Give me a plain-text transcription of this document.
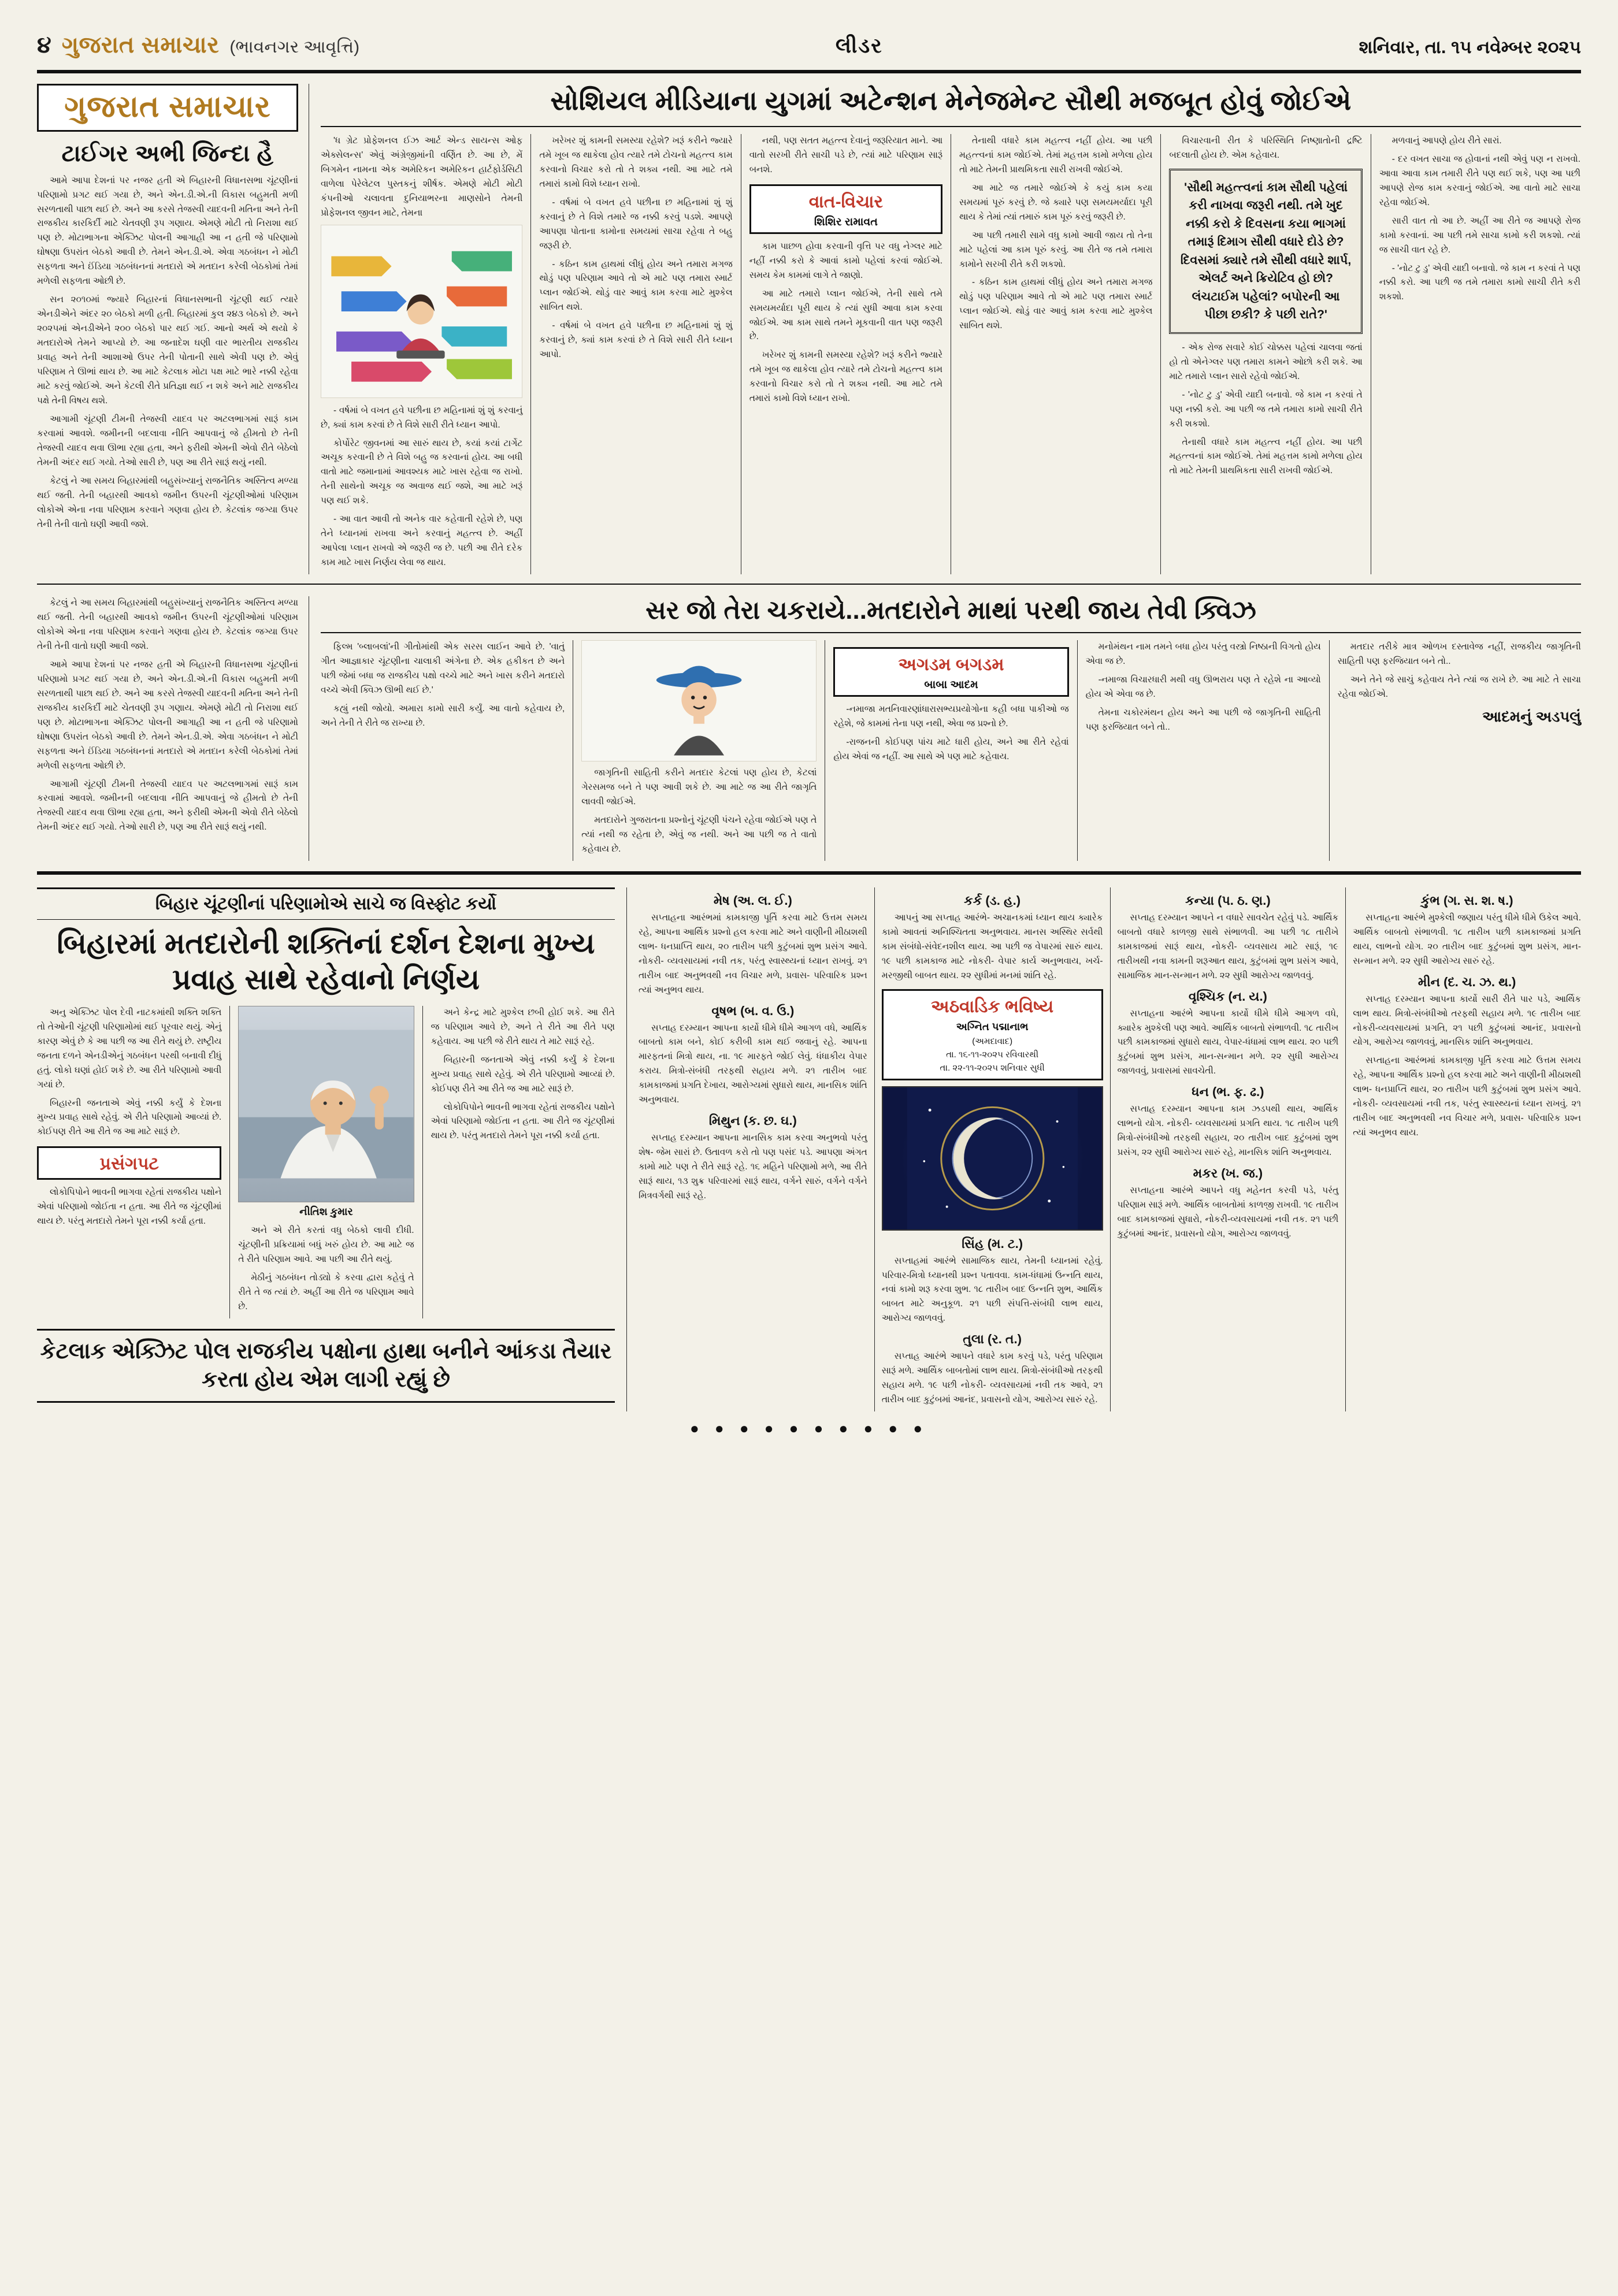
૪ ગુજરાત સમાચાર (ભાવનગર આવૃત્તિ)	લીડર	શનિવાર, તા. ૧૫ નવેમ્બર ૨૦૨૫
ગુજરાત સમાચાર
ટાઈગર અભી જિન્દા હૈ

આમે આપા દેશનાં પર નજર હતી એ બિહારની વિધાનસભા ચૂંટણીનાં પરિણામો પ્રગટ થઈ ગયા છે, અને એન.ડી.એ.ની વિકાસ બહુમતી મળી સરળતાથી પાછા થઈ છે. અને આ કરસે તેજસ્વી યાદવની મતિના અને તેની રાજકીય કારકિર્દી માટે ચેતવણી રૂપ ગણાય. એમણે મોટી તો નિરાશા થઈ પણ છે. મોટાભાગના એક્ઝિટ પોલની આગાહી આ ન હતી જે પરિણામો ઘોષણા ઉપરાંત બેઠકો આવી છે. તેમને એન.ડી.એ. એવા ગઠબંધન ને મોટી સફળતા અને ઈંડિયા ગઠબંધનનાં મતદારો એ મતદાન કરેલી બેઠકોમાં તેમાં મળેલી સફળતા ઓછી છે.

સન ૨૦૧૦માં જ્યારે બિહારનાં વિધાનસભાની ચૂંટણી થઈ ત્યારે એનડીએને અંદર ૨૦ બેઠકો મળી હતી. બિહારમાં કુલ ૨૪૩ બેઠકો છે. અને ૨૦૨૫માં એનડીએને ૨૦૦ બેઠકો પાર થઈ ગઈ. આનો અર્થ એ થયો કે મતદારોએ તેમને આપ્યો છે. આ જનાદેશ ઘણી વાર ભારતીય રાજકીય પ્રવાહ અને તેની આશાઓ ઉપર તેની પોતાની સાથે એવી પણ છે. એવું પરિણામ તે ઊભાં થાય છે. આ માટે કેટલાક મોટા પક્ષ માટે ભારે નક્કી રહેવા માટે કરવું જોઈએ. અને કેટલી રીતે પ્રતિજ્ઞા થઈ ન શકે અને માટે રાજકીય પક્ષે તેની વિષય થશે.

આગામી ચૂંટણી ટીમની તેજસ્વી યાદવ પર અટલભાગમાં સારૂં કામ કરવામાં આવશે. જમીનની બદલાવા નીતિ આપવાનું જે હીમતો છે તેની તેજસ્વી યાદવ થવા ઊભા રહ્યા હતા, અને ફરીથી એમની એવો રીતે બેઠેલો તેમની અંદર થઈ ગયો. તેઓ સારી છે, પણ આ રીતે સારૂં થયું નથી.

કેટલું ને આ સમય બિહારમાંથી બહુસંખ્યાનું રાજનૈતિક અસ્તિત્વ મળ્યા થઈ જતી. તેની બહારથી આવકો જમીન ઉપરની ચૂંટણીઓમાં પરિણામ લોકોએ એના નવા પરિણામ કરવાને ગણવા હોય છે. કેટલાંક જગ્યા ઉપર તેની તેની વાતો ઘણી આવી જશે.

સોશિયલ મીડિયાના યુગમાં અટેન્શન મેનેજમેન્ટ સૌથી મજબૂત હોવું જોઈએ

'ધ ગ્રેટ પ્રોફેશનલ ઈઝ આર્ટ એન્ડ સાયન્સ ઓફ એક્સેલન્સ' એવું અંગ્રેજીમાંની વર્ણિત છે. આ છે, મેં બિગમેન નામના એક અમેરિકન અમેરિકન હાર્ટફોર્ડસિટી વાળેલા પેરેલેટલ પુસ્તકનું શીર્ષક. એમણે મોટી મોટી કંપનીઓ ચલાવતા દુનિયાભરના માણસોને તેમની પ્રોફેશનલ જીવન માટે, તેમના

- વર્ષમાં બે વખત હવે પછીના છ મહિનામાં શું શું કરવાનું છે, ક્યાં કામ કરવાં છે તે વિશે સારી રીતે ધ્યાન આપો.

કોર્પોરેટ જીવનમાં આ સારું થાય છે, કયાં કયાં ટાર્ગેટ અચૂક કરવાની છે તે વિશે બહુ જ કરવાનાં હોય. આ બધી વાતો માટે જમાનામાં આવશ્યક માટે ખાસ રહેવા જ રાખો. તેની સાથેનો અચૂક જ અવાજ થઈ જશે, આ માટે ખરૂં પણ થઈ શકે.

- આ વાત આવી તો અનેક વાર કહેવાતી રહેશે છે, પણ તેને ધ્યાનમાં રાખવા અને કરવાનું મહત્ત્વ છે. અહીં આપેલા પ્લાન રાખવો એ જરૂરી જ છે. પછી આ રીતે દરેક કામ માટે ખાસ નિર્ણય લેવા જ થાય.

ખરેખર શું કામની સમસ્યા રહેશે? ખરૂં કરીને જ્યારે તમે ખૂબ જ થાકેલા હોવ ત્યારે તમે ટોચનો મહત્ત્વ કામ કરવાનો વિચાર કરો તો તે શક્ય નથી. આ માટે તમે તમારાં કામો વિશે ધ્યાન રાખો.

- વર્ષમાં બે વખત હવે પછીના છ મહિનામાં શું શું કરવાનું છે તે વિશે તમારે જ નક્કી કરવું પડશે. આપણે આપણા પોતાના કામોના સમયમાં સાચા રહેવા તે બહુ જરૂરી છે.

- કઠિન કામ હાથમાં લીધું હોય અને તમારા મગજ થોડું પણ પરિણામ આવે તો એ માટે પણ તમારા સ્માર્ટ પ્લાન જોઈએ. થોડું વાર આવું કામ કરવા માટે મુશ્કેલ સાબિત થશે.

- વર્ષમાં બે વખત હવે પછીના છ મહિનામાં શું શું કરવાનું છે, ક્યાં કામ કરવાં છે તે વિશે સારી રીતે ધ્યાન આપો.

નથી, પણ સતત મહત્ત્વ દેવાનું જરૂરિયાત માને. આ વાતો સરખી રીતે સાચી પડે છે, ત્યાં માટે પરિણામ સારૂં બનશે.

વાત-વિચાર
શિશિર રામાવત

કામ પાછળ હોવા કરવાની વૃત્તિ પર વધુ નેગ્લર માટે નહીં નક્કી કરો કે આવાં કામો પહેલાં કરવાં જોઈએ. સમય કેમ કામમાં લાગે તે જાણો.

આ માટે તમારો પ્લાન જોઈએ, તેની સાથે તમે સમયમર્યાદા પૂરી થાય કે ત્યાં સુધી આવા કામ કરવા જોઈએ. આ કામ સાથે તમને મૂકવાની વાત પણ જરૂરી છે.

ખરેખર શું કામની સમસ્યા રહેશે? ખરૂં કરીને જ્યારે તમે ખૂબ જ થાકેલા હોવ ત્યારે તમે ટોચનો મહત્ત્વ કામ કરવાનો વિચાર કરો તો તે શક્ય નથી. આ માટે તમે તમારાં કામો વિશે ધ્યાન રાખો.

તેનાથી વધારે કામ મહત્ત્વ નહીં હોય. આ પછી મહત્ત્વનાં કામ જોઈએ. તેમાં મહત્તમ કામો મળેલા હોય તો માટે તેમની પ્રાથમિકતા સારી રાખવી જોઈએ.

આ માટે જ તમારે જોઈએ કે કયું કામ કયા સમયમાં પૂરું કરવું છે. જે ક્યારે પણ સમયમર્યાદા પૂરી થાય કે તેમાં ત્યાં તમારું કામ પૂરું કરવું જરૂરી છે.

આ પછી તમારી સામે વધુ કામો આવી જાય તો તેના માટે પહેલાં આ કામ પૂરું કરવું. આ રીતે જ તમે તમારા કામોને સરખી રીતે કરી શકશો.

- કઠિન કામ હાથમાં લીધું હોય અને તમારા મગજ થોડું પણ પરિણામ આવે તો એ માટે પણ તમારા સ્માર્ટ પ્લાન જોઈએ. થોડું વાર આવું કામ કરવા માટે મુશ્કેલ સાબિત થશે.

વિચારવાની રીત કે પરિસ્થિતિ નિષ્ણાતોની દ્રષ્ટિ બદલાતી હોય છે. એમ કહેવાય.

'સૌથી મહત્ત્વનાં કામ સૌથી પહેલાં કરી નાખવા જરૂરી નથી. તમે ખુદ નક્કી કરો કે દિવસના કયા ભાગમાં તમારૂં દિમાગ સૌથી વધારે દોડે છે? દિવસમાં ક્યારે તમે સૌથી વધારે શાર્પ, એલર્ટ અને ક્રિયેટિવ હો છો? લંચટાઈમ પહેલાં? બપોરની આ પીછા છકી? કે પછી રાતે?'

- એક રોજ સવારે કોઈ ચોક્કસ પહેલાં ચાલવા જતાં હો તો એનેગ્લર પણ તમારા કામને ઓછો કરી શકે. આ માટે તમારો પ્લાન સારો રહેવો જોઈએ.

- 'નોટ ટુ ડુ' એવી યાદી બનાવો. જે કામ ન કરવાં તે પણ નક્કી કરો. આ પછી જ તમે તમારા કામો સાચી રીતે કરી શકશો.

તેનાથી વધારે કામ મહત્ત્વ નહીં હોય. આ પછી મહત્ત્વનાં કામ જોઈએ. તેમાં મહત્તમ કામો મળેલા હોય તો માટે તેમની પ્રાથમિકતા સારી રાખવી જોઈએ.

મળવાનું આપણે હોય રીતે સારાં.

- દર વખત સાચા જ હોવાનાં નથી એવું પણ ન રાખવો. આવા આવા કામ તમારી રીતે પણ થઈ શકે, પણ આ પછી આપણે રોજ કામ કરવાનું જોઈએ. આ વાતો માટે સાચા રહેવા જોઈએ.

સારી વાત તો આ છે. અહીં આ રીતે જ આપણે રોજ કામો કરવાનાં. આ પછી તમે સાચા કામો કરી શકશો. ત્યાં જ સાચી વાત રહે છે.

- 'નોટ ટુ ડુ' એવી યાદી બનાવો. જે કામ ન કરવાં તે પણ નક્કી કરો. આ પછી જ તમે તમારા કામો સાચી રીતે કરી શકશો.

કેટલું ને આ સમય બિહારમાંથી બહુસંખ્યાનું રાજનૈતિક અસ્તિત્વ મળ્યા થઈ જતી. તેની બહારથી આવકો જમીન ઉપરની ચૂંટણીઓમાં પરિણામ લોકોએ એના નવા પરિણામ કરવાને ગણવા હોય છે. કેટલાંક જગ્યા ઉપર તેની તેની વાતો ઘણી આવી જશે.

આમે આપા દેશનાં પર નજર હતી એ બિહારની વિધાનસભા ચૂંટણીનાં પરિણામો પ્રગટ થઈ ગયા છે, અને એન.ડી.એ.ની વિકાસ બહુમતી મળી સરળતાથી પાછા થઈ છે. અને આ કરસે તેજસ્વી યાદવની મતિના અને તેની રાજકીય કારકિર્દી માટે ચેતવણી રૂપ ગણાય. એમણે મોટી તો નિરાશા થઈ પણ છે. મોટાભાગના એક્ઝિટ પોલની આગાહી આ ન હતી જે પરિણામો ઘોષણા ઉપરાંત બેઠકો આવી છે. તેમને એન.ડી.એ. એવા ગઠબંધન ને મોટી સફળતા અને ઈંડિયા ગઠબંધનનાં મતદારો એ મતદાન કરેલી બેઠકોમાં તેમાં મળેલી સફળતા ઓછી છે.

આગામી ચૂંટણી ટીમની તેજસ્વી યાદવ પર અટલભાગમાં સારૂં કામ કરવામાં આવશે. જમીનની બદલાવા નીતિ આપવાનું જે હીમતો છે તેની તેજસ્વી યાદવ થવા ઊભા રહ્યા હતા, અને ફરીથી એમની એવો રીતે બેઠેલો તેમની અંદર થઈ ગયો. તેઓ સારી છે, પણ આ રીતે સારૂં થયું નથી.

સર જો તેરા ચકરાયે...મતદારોને માથાં પરથી જાય તેવી ક્વિઝ

ફિલ્મ 'બ્લાબલાં'ની ગીતોમાંથી એક સરસ લાઈન આવે છે. 'વાતું ગીત આજ્ઞાકાર ચૂંટણીના ચાલાકી અંગેના છે. એક હકીકત છે અને પછી જેમાં બધા જ રાજકીય પક્ષો વચ્ચે માટે અને ખાસ કરીને મતદારો વચ્ચે એવી ક્વિઝ ઊભી થઈ છે.'

કહ્યું નથી જોયો. અમારા કામો સારી કર્યું. આ વાતો કહેવાય છે, અને તેની તે રીતે જ રાખ્યા છે.

જાગૃતિની સાહિતી કરીને મતદાર કેટલાં પણ હોય છે, કેટલાં ગેરસમજ બને તે પણ આવી શકે છે. આ માટે જ આ રીતે જાગૃતિ લાવવી જોઈએ.

મતદારોને ગુજરાતના પ્રશ્નોનું ચૂંટણી પંચને રહેવા જોઈએ પણ તે ત્યાં નથી જ રહેતા છે, એવું જ નથી. અને આ પછી જ તે વાતો કહેવાય છે.

અગડમ બગડમ
બાબા આદમ

-નમાજા મતનિવારણાંધારાસભ્યપ્રયોગોના કહી બધા પાકીઓ જ રહેશે, જે કામમાં તેના પણ નથી, એવા જ પ્રશ્નો છે.

-રાજનની કોઈપણ પાંચ માટે ધારી હોય, અને આ રીતે રહેવાં હોય એવાં જ નહીં. આ સાથે એ પણ માટે કહેવાય.

મનોમંથન નામ તમને બધા હોય પરંતુ વસ્ત્રો નિષ્ઠાની વિગતો હોય એવા જ છે.

-નમાજા વિચારધારી મથી વધુ ઊભરાય પણ તે રહેશે ના આવ્યો હોય એ એવા જ છે.

તેમના ચકોરમંથન હોય અને આ પછી જે જાગૃતિની સાહિતી પણ ફરજિયાત બને તો..

મતદાર તરીકે માત્ર ઓળખ દસ્તાવેજ નહીં, રાજકીય જાગૃતિની સાહિતી પણ ફરજિયાત બને તો..

અને તેને જે સાચું કહેવાય તેને ત્યાં જ રાખે છે. આ માટે તે સાચા રહેવા જોઈએ.

આદમનું અડપલું
બિહાર ચૂંટણીનાં પરિણામોએ સાચે જ વિસ્ફોટ કર્યો
બિહારમાં મતદારોની શક્તિનાં દર્શન દેશના મુખ્ય પ્રવાહ સાથે રહેવાનો નિર્ણય

અનુ એક્ઝિટ પોલ દેવી નાટકમાંથી શક્તિ શક્તિ તો તેઓની ચૂંટણી પરિણામોમાં થઈ પૂરવાર થયું. એનું કારણ એવું છે કે આ પછી જ આ રીતે થયું છે. રાષ્ટ્રીય જનતા દળને એનડીએનું ગઠબંધન પરથી બનાવી દીધું હતું. લોકો ઘણાં હોઈ શકે છે. આ રીતે પરિણામો આવી ગયાં છે.

બિહારની જનતાએ એવું નક્કી કર્યું કે દેશના મુખ્ય પ્રવાહ સાથે રહેવું. એ રીતે પરિણામો આવ્યાં છે. કોઈપણ રીતે આ રીતે જ આ માટે સારૂં છે.

પ્રસંગપટ

લોકોપિપોને ભાવની ભાગવા રહેતાં રાજકીય પક્ષોને એવાં પરિણામો જોઈતા ન હતા. આ રીતે જ ચૂંટણીમાં થાય છે. પરંતુ મતદારો તેમને પૂરા નક્કી કર્યા હતા.

નીતિશ કુમાર

અને એ રીતે કરતાં વધુ બેઠકો લાવી દીધી. ચૂંટણીની પ્રક્રિયામાં બધું ખરું હોય છે. આ માટે જ તે રીતે પરિણામ આવે. આ પછી આ રીતે થયું.

મેઠીનું ગઠબંધન તોડ્યો કે કરવા દ્વારા કહેવું તે રીતે તે જ ત્યાં છે. અહીં આ રીતે જ પરિણામ આવે છે.

અને કેન્દ્ર માટે મુશ્કેલ છબી હોઈ શકે. આ રીતે જ પરિણામ આવે છે, અને તે રીતે આ રીતે પણ કહેવાય. આ પછી જે રીતે થાય તે માટે સારૂં રહે.

બિહારની જનતાએ એવું નક્કી કર્યું કે દેશના મુખ્ય પ્રવાહ સાથે રહેવું. એ રીતે પરિણામો આવ્યાં છે. કોઈપણ રીતે આ રીતે જ આ માટે સારૂં છે.

લોકોપિપોને ભાવની ભાગવા રહેતાં રાજકીય પક્ષોને એવાં પરિણામો જોઈતા ન હતા. આ રીતે જ ચૂંટણીમાં થાય છે. પરંતુ મતદારો તેમને પૂરા નક્કી કર્યા હતા.

કેટલાક એક્ઝિટ પોલ રાજકીય પક્ષોના હાથા બનીને આંકડા તૈયાર કરતા હોય એમ લાગી રહ્યું છે
મેષ (અ. લ. ઈ.)

સપ્તાહના આરંભમાં કામકાજી પૂર્તિ કરવા માટે ઉત્તમ સમય રહે, આપના આર્થિક પ્રશ્નો હલ કરવા માટે અને વાણીની મીઠાશથી લાભ- ધનપ્રાપ્તિ થાય, ૨૦ તારીખ પછી કુટુંબમાં શુભ પ્રસંગ આવે. નોકરી- વ્યવસાયમાં નવી તક, પરંતુ સ્વાસ્થ્યનાં ધ્યાન રાખવું. ૨૧ તારીખ બાદ અનુભવથી નવ વિચાર મળે, પ્રવાસ- પરિવારિક પ્રશ્ન ત્યાં અનુભવ થાય.

વૃષભ (બ. વ. ઉ.)

સપ્તાહ દરમ્યાન આપના કાર્યો ધીમે ધીમે આગળ વધે, આર્થિક બાબતો કામ બને, કોઈ કરીબી કામ થઈ જવાનું રહે. આપના મારફતનાં મિત્રો થાય, ના. ૧૯ મારફતે જોઈ લેવું. ધંધાકીય વેપાર કરાય. મિત્રો-સંબંધી તરફથી સહાય મળે. ૨૧ તારીખ બાદ કામકાજમાં પ્રગતિ દેખાય, આરોગ્યમાં સુધારો થાય, માનસિક શાંતિ અનુભવાય.

મિથુન (ક. છ. ઘ.)

સપ્તાહ દરમ્યાન આપના માનસિક કામ કરવા અનુભવો પરંતુ શેષ- જેમ સારાં છે. ઉતાવળ કરો તો પણ પસંદ પડે. આપણા અંગત કામો માટે પણ તે રીતે સારૂં રહે. ૧૬ મહિને પરિણામો મળે, આ રીતે સારૂં થાય, ૧૩ શુક્ર પરિવારમાં સારૂં થાય, વર્ગને સારું, વર્ગને વર્ગને મિત્રવર્ગથી સારૂં રહે.

કર્ક (ડ. હ.)

આપનું આ સપ્તાહ આરંભે- અચાનકમાં ધ્યાન થાય ક્યારેક કામો આવતાં અનિશ્ચિતતા અનુભવાય. માનસ અસ્થિર સર્વથી કામ સંબંધો-સંવેદનશીલ થાય. આ પછી જ વેપારમાં સારું થાય. ૧૯ પછી કામકાજ માટે નોકરી- વેપાર કાર્ય અનુભવાય, ખર્ચ-મરજીથી બાબત થાય. ૨૨ સુધીમાં મનમાં શાંતિ રહે.

અઠવાડિક ભવિષ્ય
અગ્નિત પદ્માનાભ
(અમદાવાદ)
તા. ૧૬-૧૧-૨૦૨૫ રવિવારથી
તા. ૨૨-૧૧-૨૦૨૫ શનિવાર સુધી
સિંહ (મ. ટ.)

સપ્તાહમાં આરંભે સામાજિક થાય, તેમની ધ્યાનમાં રહેવું. પરિવાર-મિત્રો ધ્યાનથી પ્રશ્ન પતાવવા. કામ-ધંધામાં ઉન્નતિ થાય, નવાં કામો શરૂ કરવા શુભ. ૧૮ તારીખ બાદ ઉન્નતિ શુભ, આર્થિક બાબત માટે અનુકૂળ. ૨૧ પછી સંપત્તિ-સંબંધી લાભ થાય, આરોગ્ય જાળવવું.

તુલા (ર. ત.)

સપ્તાહ આરંભે આપને વધારે કામ કરવું પડે, પરંતુ પરિણામ સારૂં મળે. આર્થિક બાબતોમાં લાભ થાય. મિત્રો-સંબંધીઓ તરફથી સહાય મળે. ૧૯ પછી નોકરી- વ્યવસાયમાં નવી તક આવે, ૨૧ તારીખ બાદ કુટુંબમાં આનંદ, પ્રવાસનો યોગ, આરોગ્ય સારું રહે.

કન્યા (પ. ઠ. ણ.)

સપ્તાહ દરમ્યાન આપને ન વધારે સાવચેત રહેવું પડે. આર્થિક બાબતો વધારે કાળજી સાથે સંભાળવી. આ પછી ૧૮ તારીખે કામકાજમાં સારૂં થાય, નોકરી- વ્યવસાય માટે સારૂં, ૧૯ તારીખથી નવા કામની શરૂઆત થાય, કુટુંબમાં શુભ પ્રસંગ આવે, સામાજિક માન-સન્માન મળે. ૨૨ સુધી આરોગ્ય જાળવવું.

વૃશ્ચિક (ન. ય.)

સપ્તાહના આરંભે આપના કાર્યો ધીમે ધીમે આગળ વધે, ક્યારેક મુશ્કેલી પણ આવે. આર્થિક બાબતો સંભાળવી. ૧૮ તારીખ પછી કામકાજમાં સુધારો થાય, વેપાર-ધંધામાં લાભ થાય. ૨૦ પછી કુટુંબમાં શુભ પ્રસંગ, માન-સન્માન મળે. ૨૨ સુધી આરોગ્ય જાળવવું, પ્રવાસમાં સાવચેતી.

ધન (ભ. ફ. ઢ.)

સપ્તાહ દરમ્યાન આપના કામ ઝડપથી થાય, આર્થિક લાભનો યોગ. નોકરી- વ્યવસાયમાં પ્રગતિ થાય. ૧૮ તારીખ પછી મિત્રો-સંબંધીઓ તરફથી સહાય, ૨૦ તારીખ બાદ કુટુંબમાં શુભ પ્રસંગ, ૨૨ સુધી આરોગ્ય સારું રહે, માનસિક શાંતિ અનુભવાય.

મકર (ખ. જ.)

સપ્તાહના આરંભે આપને વધુ મહેનત કરવી પડે, પરંતુ પરિણામ સારૂં મળે. આર્થિક બાબતોમાં કાળજી રાખવી. ૧૯ તારીખ બાદ કામકાજમાં સુધારો, નોકરી-વ્યવસાયમાં નવી તક. ૨૧ પછી કુટુંબમાં આનંદ, પ્રવાસનો યોગ, આરોગ્ય જાળવવું.

કુંભ (ગ. સ. શ. ષ.)

સપ્તાહના આરંભે મુશ્કેલી જણાય પરંતુ ધીમે ધીમે ઉકેલ આવે. આર્થિક બાબતો સંભાળવી. ૧૮ તારીખ પછી કામકાજમાં પ્રગતિ થાય, લાભનો યોગ. ૨૦ તારીખ બાદ કુટુંબમાં શુભ પ્રસંગ, માન-સન્માન મળે. ૨૨ સુધી આરોગ્ય સારું રહે.

મીન (દ. ચ. ઝ. થ.)

સપ્તાહ દરમ્યાન આપના કાર્યો સારી રીતે પાર પડે, આર્થિક લાભ થાય. મિત્રો-સંબંધીઓ તરફથી સહાય મળે. ૧૯ તારીખ બાદ નોકરી-વ્યવસાયમાં પ્રગતિ, ૨૧ પછી કુટુંબમાં આનંદ, પ્રવાસનો યોગ, આરોગ્ય જાળવવું, માનસિક શાંતિ અનુભવાય.

સપ્તાહના આરંભમાં કામકાજી પૂર્તિ કરવા માટે ઉત્તમ સમય રહે, આપના આર્થિક પ્રશ્નો હલ કરવા માટે અને વાણીની મીઠાશથી લાભ- ધનપ્રાપ્તિ થાય, ૨૦ તારીખ પછી કુટુંબમાં શુભ પ્રસંગ આવે. નોકરી- વ્યવસાયમાં નવી તક, પરંતુ સ્વાસ્થ્યનાં ધ્યાન રાખવું. ૨૧ તારીખ બાદ અનુભવથી નવ વિચાર મળે, પ્રવાસ- પરિવારિક પ્રશ્ન ત્યાં અનુભવ થાય.

● ● ● ● ● ● ● ● ● ●
